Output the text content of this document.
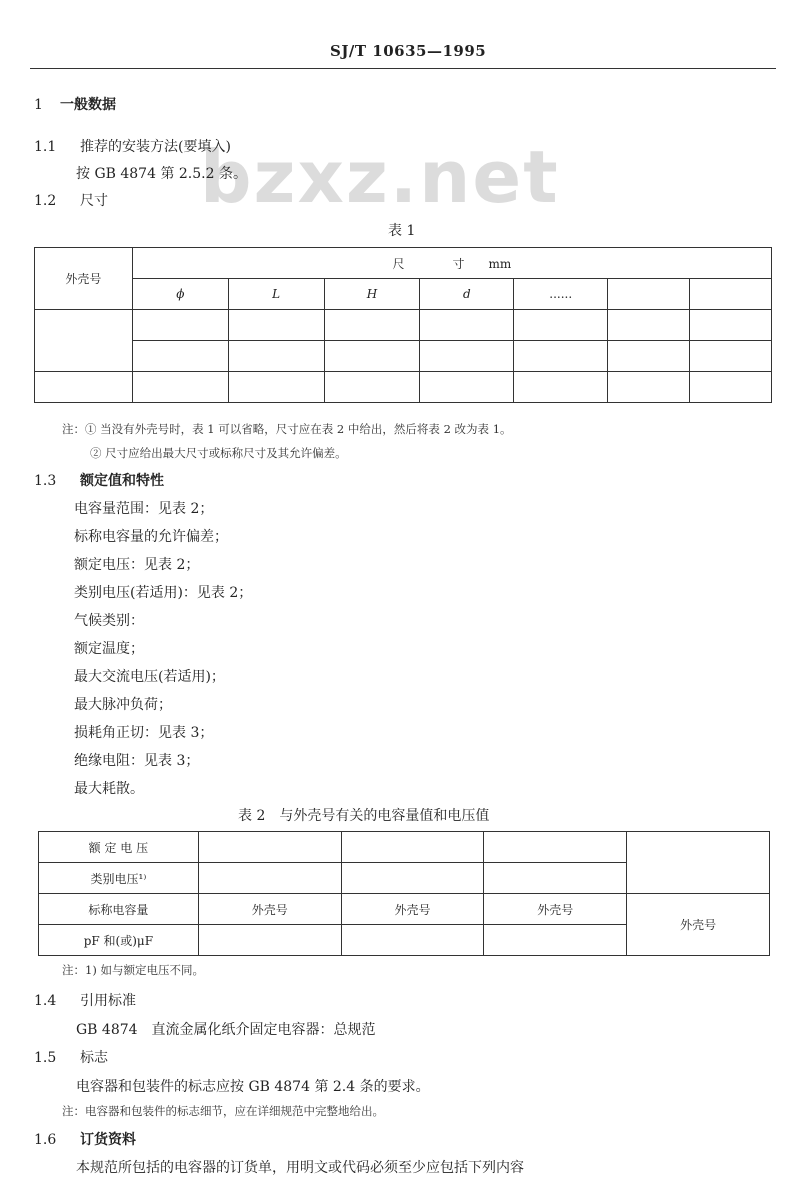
SJ/T 10635—1995
bzxz.net
1 一般数据
1.1 推荐的安装方法(要填入)
按 GB 4874 第 2.5.2 条。
1.2 尺寸
表 1
外壳号	尺　　　　寸　　mm						
	ϕ	L	H	d	......		

注：① 当没有外壳号时，表 1 可以省略，尺寸应在表 2 中给出，然后将表 2 改为表 1。
② 尺寸应给出最大尺寸或标称尺寸及其允许偏差。
1.3 额定值和特性
电容量范围：见表 2；
标称电容量的允许偏差；
额定电压：见表 2；
类别电压(若适用)：见表 2；
气候类别：
额定温度；
最大交流电压(若适用)；
最大脉冲负荷；
损耗角正切：见表 3；
绝缘电阻：见表 3；
最大耗散。
表 2　与外壳号有关的电容量值和电压值
额 定 电 压				
类别电压¹⁾				
标称电容量	外壳号	外壳号	外壳号	外壳号
pF 和(或)μF				
注：1) 如与额定电压不同。
1.4 引用标准
GB 4874　直流金属化纸介固定电容器：总规范
1.5 标志
电容器和包装件的标志应按 GB 4874 第 2.4 条的要求。
注：电容器和包装件的标志细节，应在详细规范中完整地给出。
1.6 订货资料
本规范所包括的电容器的订货单，用明文或代码必须至少应包括下列内容
